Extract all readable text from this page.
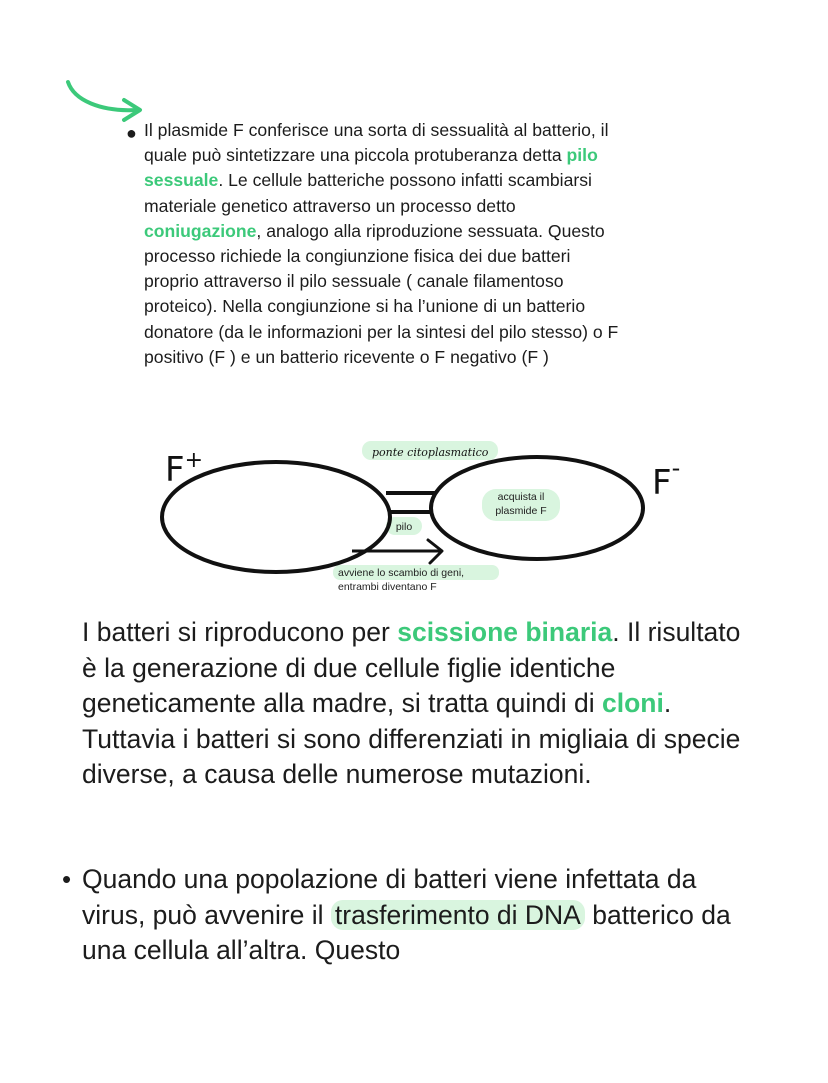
● Il plasmide F conferisce una sorta di sessualità al batterio, il quale può sintetizzare una piccola protuberanza detta pilo sessuale. Le cellule batteriche possono infatti scambiarsi materiale genetico attraverso un processo detto coniugazione, analogo alla riproduzione sessuata. Questo processo richiede la congiunzione fisica dei due batteri proprio attraverso il pilo sessuale ( canale filamentoso proteico). Nella congiunzione si ha l’unione di un batterio donatore (da le informazioni per la sintesi del pilo stesso) o F positivo (F ) e un batterio ricevente o F negativo (F )
F+
F-
ponte citoplasmatico
acquista il
plasmide F
pilo
avviene lo scambio di geni,
entrambi diventano F
I batteri si riproducono per scissione binaria. Il risultato è la generazione di due cellule figlie identiche geneticamente alla madre, si tratta quindi di cloni. Tuttavia i batteri si sono differenziati in migliaia di specie diverse, a causa delle numerose mutazioni.
• Quando una popolazione di batteri viene infettata da virus, può avvenire il trasferimento di DNA batterico da una cellula all’altra. Questo
